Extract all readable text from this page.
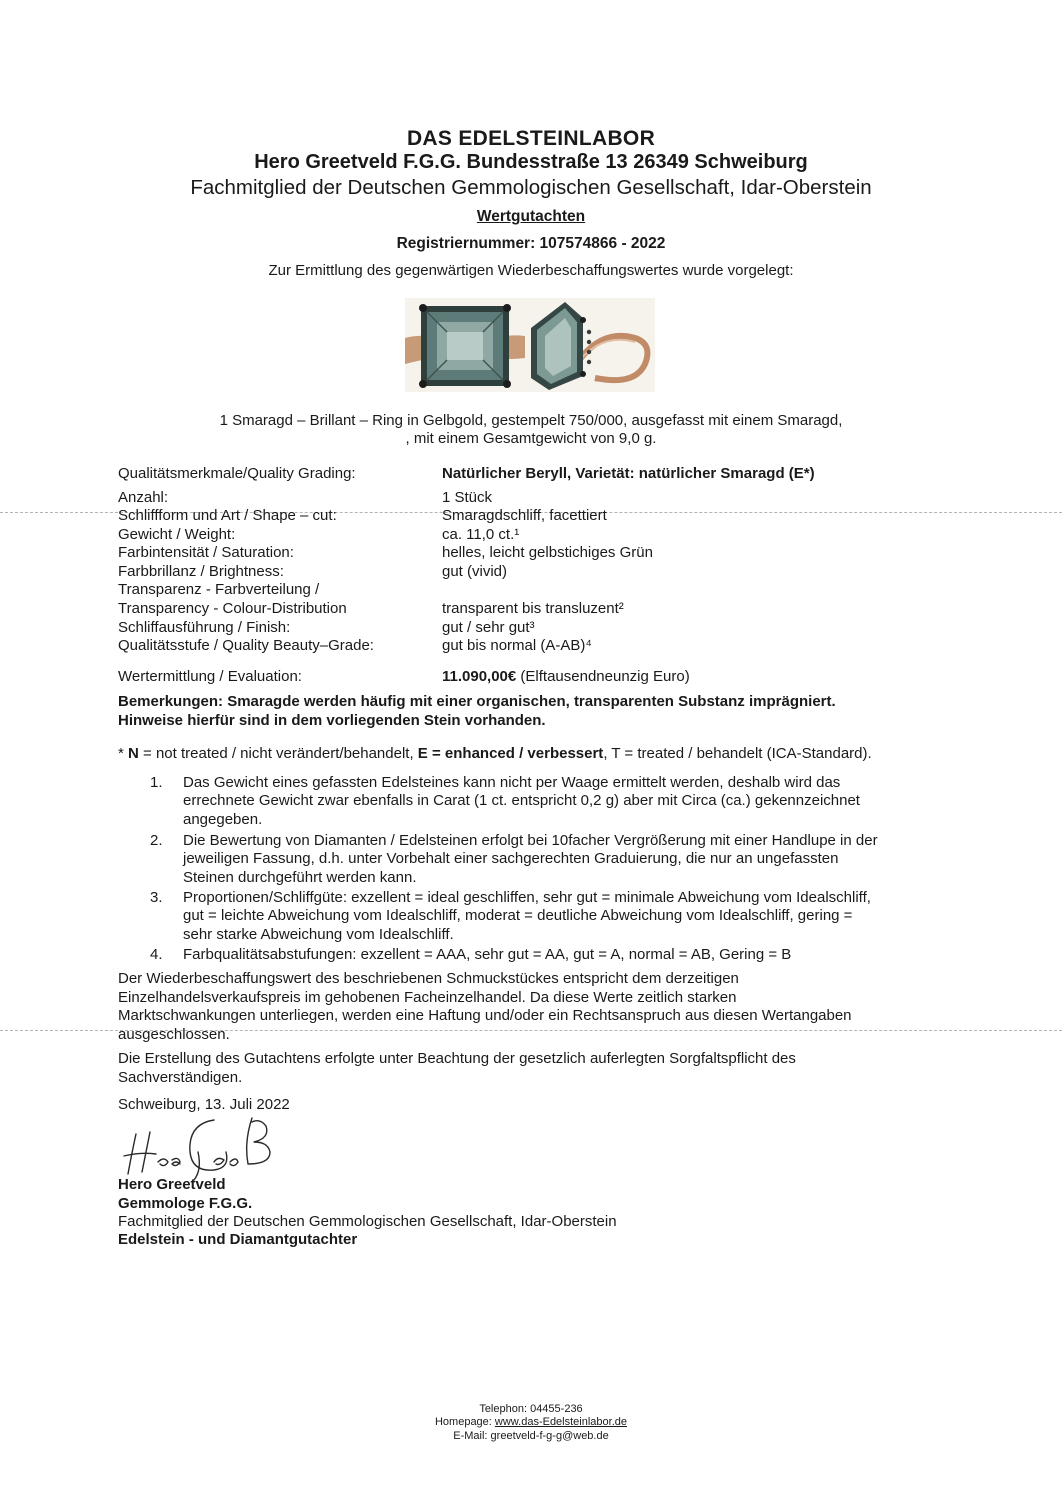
DAS EDELSTEINLABOR
Hero Greetveld F.G.G. Bundesstraße 13 26349 Schweiburg
Fachmitglied der Deutschen Gemmologischen Gesellschaft, Idar-Oberstein
Wertgutachten
Registriernummer: 107574866 - 2022
Zur Ermittlung des gegenwärtigen Wiederbeschaffungswertes wurde vorgelegt:
1 Smaragd – Brillant – Ring in Gelbgold, gestempelt 750/000, ausgefasst mit einem Smaragd,
, mit einem Gesamtgewicht von 9,0 g.
Qualitätsmerkmale/Quality Grading:	Natürlicher Beryll, Varietät: natürlicher Smaragd (E*)
Anzahl:	1 Stück
Schliffform und Art / Shape – cut:	Smaragdschliff, facettiert
Gewicht / Weight:	ca. 11,0 ct.¹
Farbintensität / Saturation:	helles, leicht gelbstichiges Grün
Farbbrillanz / Brightness:	gut (vivid)
Transparenz - Farbverteilung /
Transparency - Colour-Distribution	transparent bis transluzent²
Schliffausführung / Finish:	gut / sehr gut³
Qualitätsstufe / Quality Beauty–Grade:	gut bis normal (A-AB)⁴
Wertermittlung / Evaluation:	11.090,00€ (Elftausendneunzig Euro)
Bemerkungen: Smaragde werden häufig mit einer organischen, transparenten Substanz imprägniert.
Hinweise hierfür sind in dem vorliegenden Stein vorhanden.
* N = not treated / nicht verändert/behandelt, E = enhanced / verbessert, T = treated / behandelt (ICA-Standard).
1. Das Gewicht eines gefassten Edelsteines kann nicht per Waage ermittelt werden, deshalb wird das
errechnete Gewicht zwar ebenfalls in Carat (1 ct. entspricht 0,2 g) aber mit Circa (ca.) gekennzeichnet
angegeben.
2. Die Bewertung von Diamanten / Edelsteinen erfolgt bei 10facher Vergrößerung mit einer Handlupe in der
jeweiligen Fassung, d.h. unter Vorbehalt einer sachgerechten Graduierung, die nur an ungefassten
Steinen durchgeführt werden kann.
3. Proportionen/Schliffgüte: exzellent = ideal geschliffen, sehr gut = minimale Abweichung vom Idealschliff,
gut = leichte Abweichung vom Idealschliff, moderat = deutliche Abweichung vom Idealschliff, gering =
sehr starke Abweichung vom Idealschliff.
4. Farbqualitätsabstufungen: exzellent = AAA, sehr gut = AA, gut = A, normal = AB, Gering = B
Der Wiederbeschaffungswert des beschriebenen Schmuckstückes entspricht dem derzeitigen
Einzelhandelsverkaufspreis im gehobenen Facheinzelhandel. Da diese Werte zeitlich starken
Marktschwankungen unterliegen, werden eine Haftung und/oder ein Rechtsanspruch aus diesen Wertangaben
ausgeschlossen.
Die Erstellung des Gutachtens erfolgte unter Beachtung der gesetzlich auferlegten Sorgfaltspflicht des
Sachverständigen.
Schweiburg, 13. Juli 2022
Hero Greetveld
Gemmologe F.G.G.
Fachmitglied der Deutschen Gemmologischen Gesellschaft, Idar-Oberstein
Edelstein - und Diamantgutachter
Telephon: 04455-236
Homepage: www.das-Edelsteinlabor.de
E-Mail: greetveld-f-g-g@web.de
